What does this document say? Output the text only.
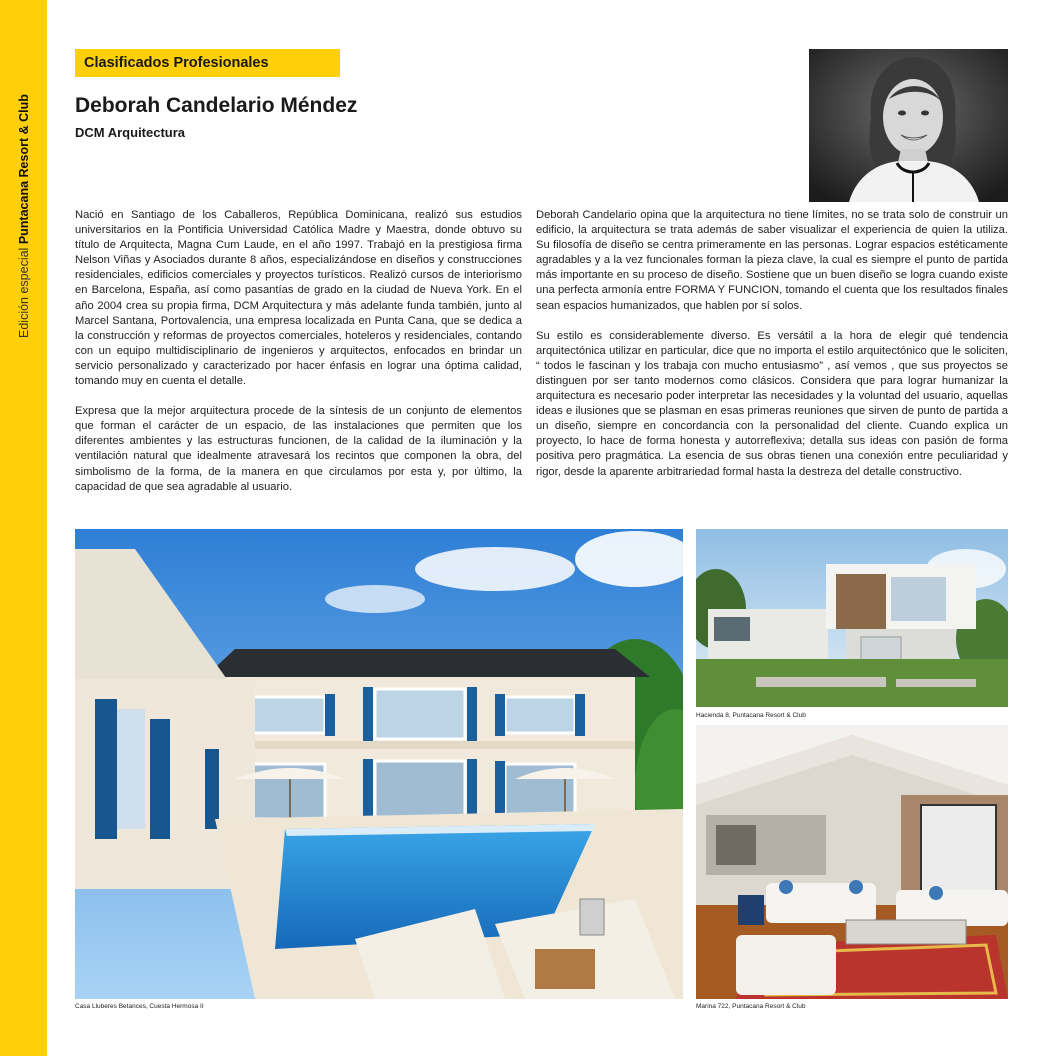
Edición especial Puntacana Resort & Club
Clasificados Profesionales
Deborah Candelario Méndez
DCM Arquitectura

Nació en Santiago de los Caballeros, República Dominicana, realizó sus estudios universitarios en la Pontificia Universidad Católica Madre y Maestra, donde obtuvo su título de Arquitecta, Magna Cum Laude, en el año 1997. Trabajó en la prestigiosa firma Nelson Viñas y Asociados durante 8 años, especializándose en diseños y construcciones residenciales, edificios comerciales y proyectos turísticos. Realizó cursos de interiorismo en Barcelona, España, así como pasantías de grado en la ciudad de Nueva York. En el año 2004 crea su propia firma, DCM Arquitectura y más adelante funda también, junto al Marcel Santana, Portovalencia, una empresa localizada en Punta Cana, que se dedica a la construcción y reformas de proyectos comerciales, hoteleros y residenciales, contando con un equipo multidisciplinario de ingenieros y arquitectos, enfocados en brindar un servicio personalizado y caracterizado por hacer énfasis en lograr una óptima calidad, tomando muy en cuenta el detalle.

Expresa que la mejor arquitectura procede de la síntesis de un conjunto de elementos que forman el carácter de un espacio, de las instalaciones que permiten que los diferentes ambientes y las estructuras funcionen, de la calidad de la iluminación y la ventilación natural que idealmente atravesará los recintos que componen la obra, del simbolismo de la forma, de la manera en que circulamos por esta y, por último, la capacidad de que sea agradable al usuario.

Deborah Candelario opina que la arquitectura no tiene límites, no se trata solo de construir un edificio, la arquitectura se trata además de saber visualizar el experiencia de quien la utiliza. Su filosofía de diseño se centra primeramente en las personas. Lograr espacios estéticamente agradables y a la vez funcionales forman la pieza clave, la cual es siempre el punto de partida más importante en su proceso de diseño. Sostiene que un buen diseño se logra cuando existe una perfecta armonía entre FORMA Y FUNCION, tomando el cuenta que los resultados finales sean espacios humanizados, que hablen por sí solos.

Su estilo es considerablemente diverso. Es versátil a la hora de elegir qué tendencia arquitectónica utilizar en particular, dice que no importa el estilo arquitectónico que le soliciten, “ todos le fascinan y los trabaja con mucho entusiasmo” , así vemos , que sus proyectos se distinguen por ser tanto modernos como clásicos. Considera que para lograr humanizar la arquitectura es necesario poder interpretar las necesidades y la voluntad del usuario, aquellas ideas e ilusiones que se plasman en esas primeras reuniones que sirven de punto de partida a un diseño, siempre en concordancia con la personalidad del cliente. Cuando explica un proyecto, lo hace de forma honesta y autorreflexiva; detalla sus ideas con pasión de forma positiva pero pragmática. La esencia de sus obras tienen una conexión entre peculiaridad y rigor, desde la aparente arbitrariedad formal hasta la destreza del detalle constructivo.

Casa Lluberes Betances, Cuesta Hermosa II
Hacienda 8, Puntacana Resort & Club
Marina 722, Puntacana Resort & Club
